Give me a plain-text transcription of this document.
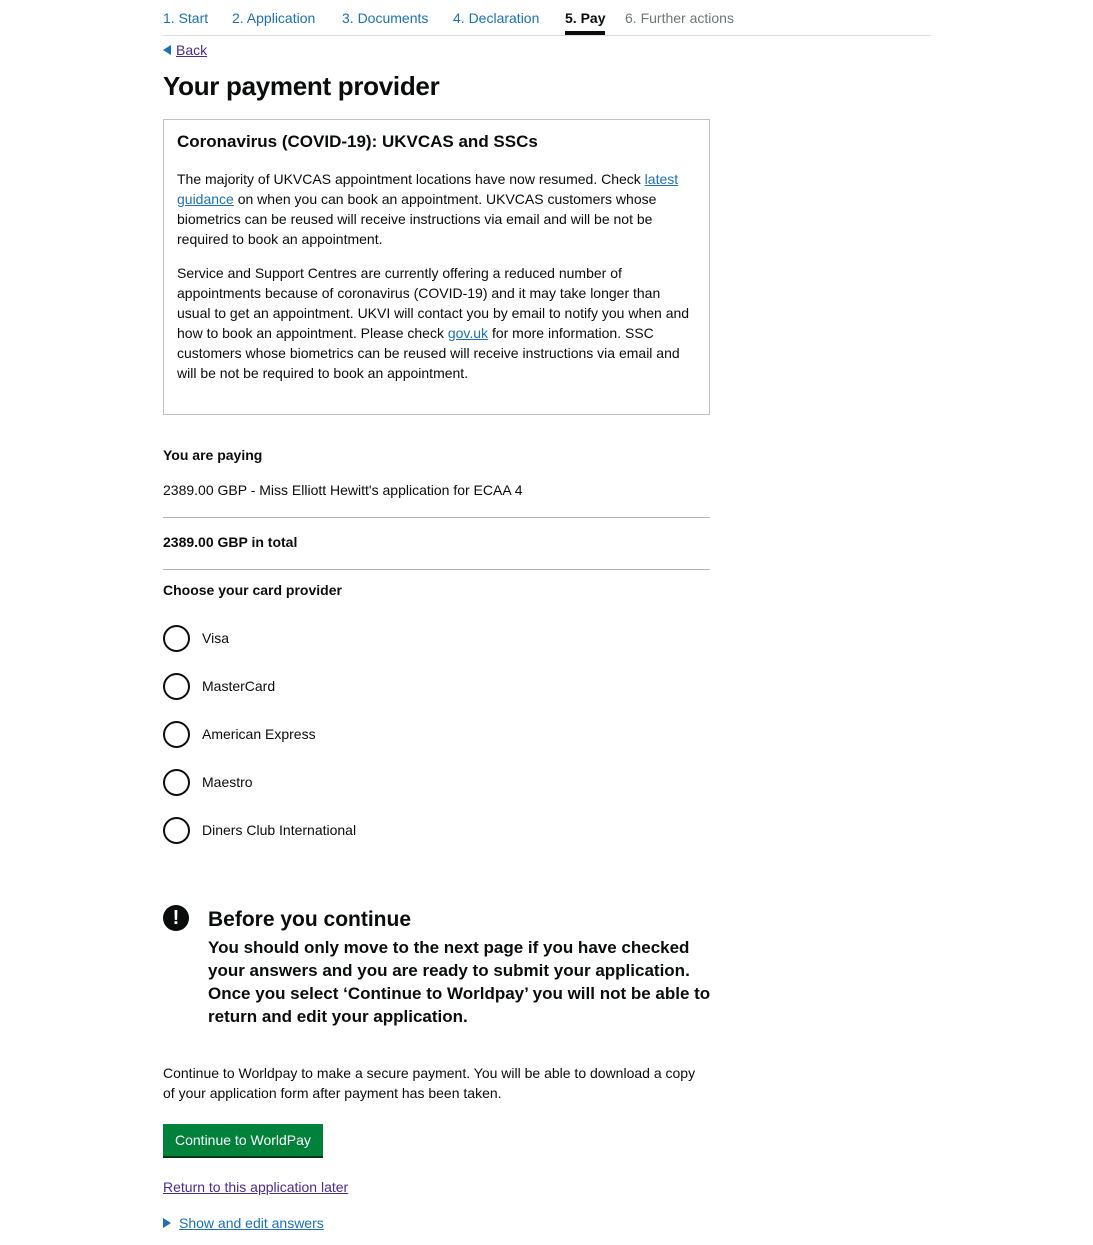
1. Start 2. Application 3. Documents 4. Declaration 5. Pay 6. Further actions
Back
Your payment provider
Coronavirus (COVID-19): UKVCAS and SSCs

The majority of UKVCAS appointment locations have now resumed. Check latest guidance on when you can book an appointment. UKVCAS customers whose biometrics can be reused will receive instructions via email and will be not be required to book an appointment.

Service and Support Centres are currently offering a reduced number of appointments because of coronavirus (COVID-19) and it may take longer than usual to get an appointment. UKVI will contact you by email to notify you when and how to book an appointment. Please check gov.uk for more information. SSC customers whose biometrics can be reused will receive instructions via email and will be not be required to book an appointment.

You are paying
2389.00 GBP - Miss Elliott Hewitt's application for ECAA 4
2389.00 GBP in total
Choose your card provider
Visa
MasterCard
American Express
Maestro
Diners Club International
!	Before you continue
You should only move to the next page if you have checked your answers and you are ready to submit your application. Once you select ‘Continue to Worldpay’ you will not be able to return and edit your application.
Continue to Worldpay to make a secure payment. You will be able to download a copy of your application form after payment has been taken.
Continue to WorldPay
Return to this application later
Show and edit answers
